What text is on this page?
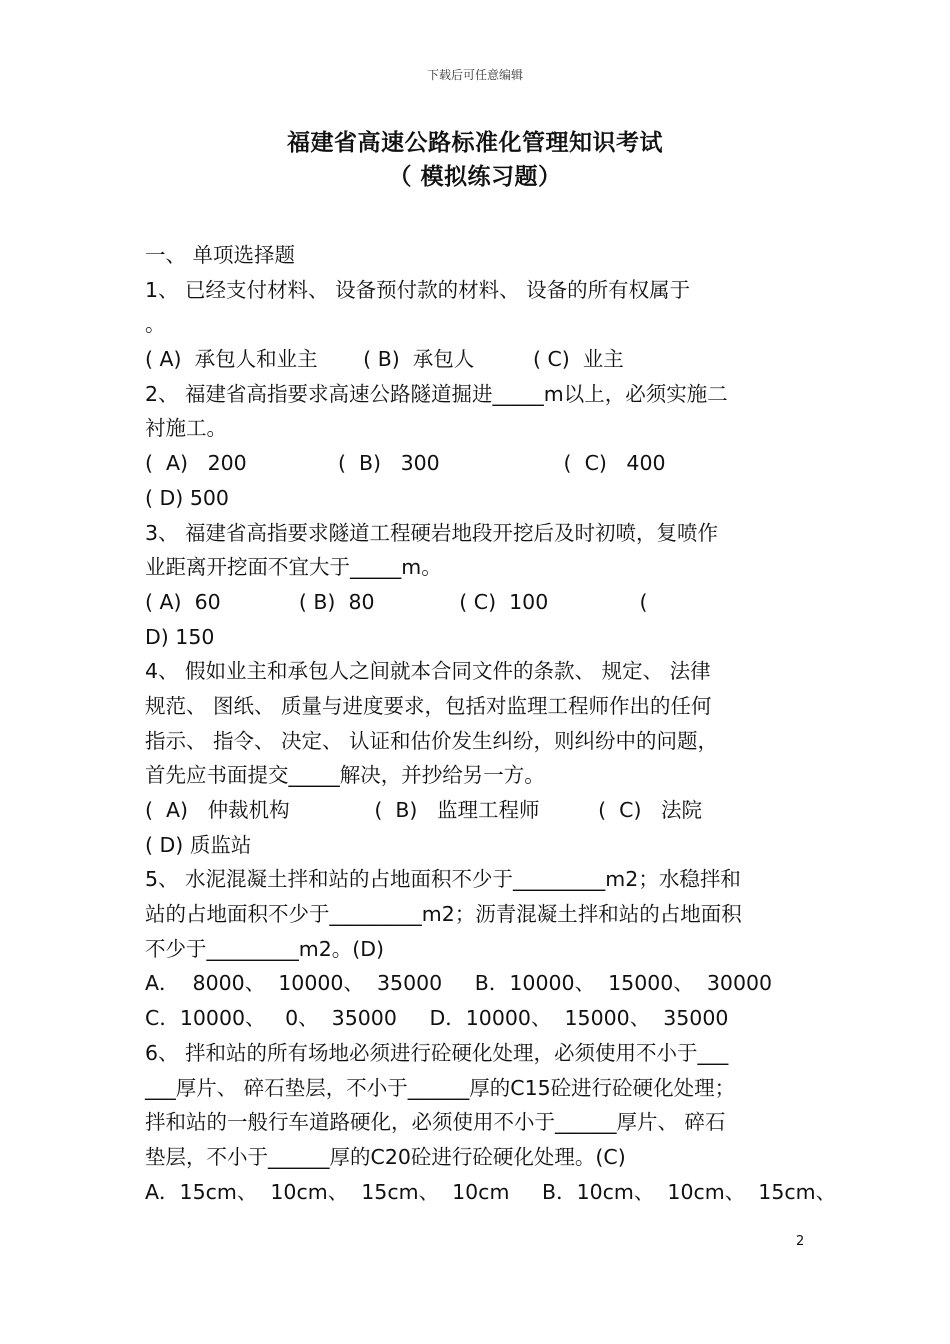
下载后可任意编辑
福建省高速公路标准化管理知识考试
（ 模拟练习题）
一、 单项选择题
1、 已经支付材料、 设备预付款的材料、 设备的所有权属于
。
( A)  承包人和业主       ( B)  承包人         ( C)  业主
2、 福建省高指要求高速公路隧道掘进_____m以上，必须实施二
衬施工。
(  A)   200              (  B)   300                   (  C)   400
( D) 500
3、 福建省高指要求隧道工程硬岩地段开挖后及时初喷，复喷作
业距离开挖面不宜大于_____m。
( A)  60            ( B)  80             ( C)  100              (
D) 150
4、 假如业主和承包人之间就本合同文件的条款、 规定、 法律
规范、 图纸、 质量与进度要求，包括对监理工程师作出的任何
指示、 指令、 决定、 认证和估价发生纠纷，则纠纷中的问题，
首先应书面提交_____解决，并抄给另一方。
(  A)   仲裁机构             (  B)   监理工程师         (  C)   法院
( D) 质监站
5、 水泥混凝土拌和站的占地面积不少于_________m2；水稳拌和
站的占地面积不少于_________m2；沥青混凝土拌和站的占地面积
不少于_________m2。(D)
A．  8000、  10000、  35000     B．10000、  15000、  30000
C．10000、   0、  35000     D．10000、  15000、  35000
6、 拌和站的所有场地必须进行砼硬化处理，必须使用不小于___
___厚片、 碎石垫层，不小于______厚的C15砼进行砼硬化处理；
拌和站的一般行车道路硬化，必须使用不小于______厚片、 碎石
垫层，不小于______厚的C20砼进行砼硬化处理。(C)
A．15cm、  10cm、  15cm、  10cm     B．10cm、  10cm、  15cm、
2
